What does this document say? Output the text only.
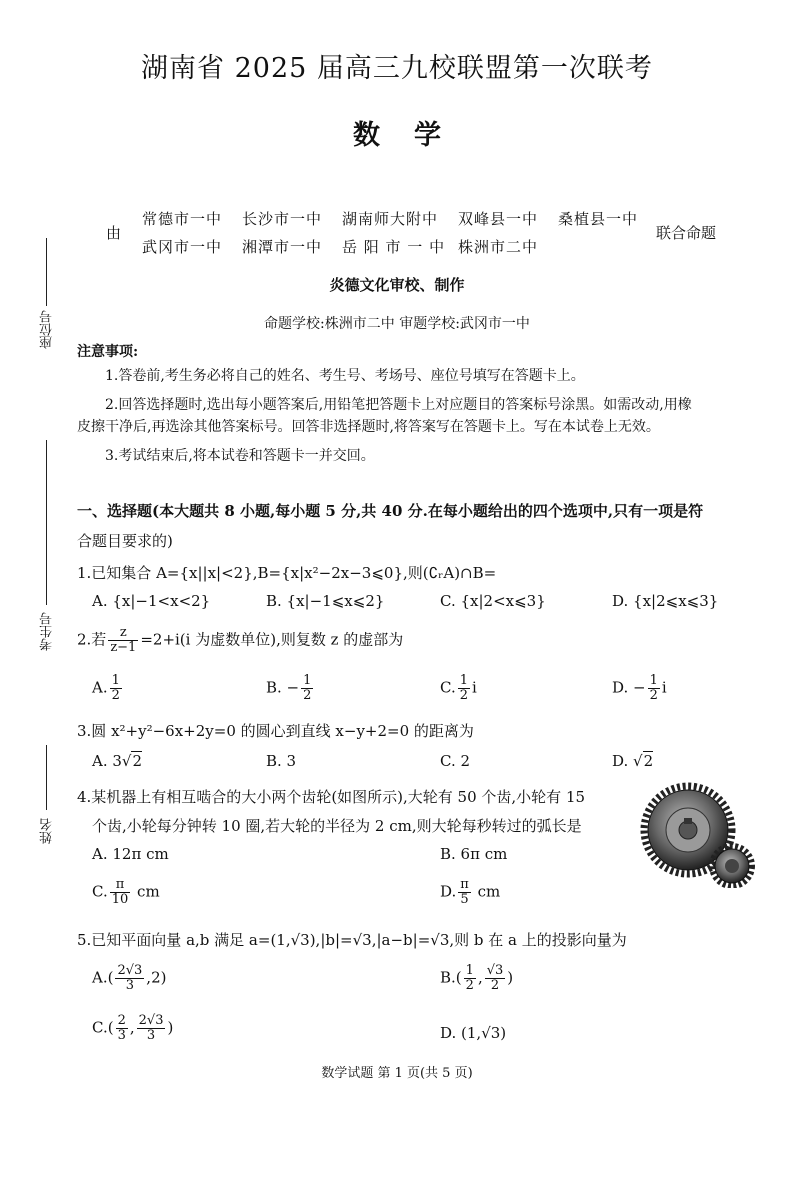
湖南省 2025 届高三九校联盟第一次联考
数学
由
常德市一中 长沙市一中 湖南师大附中 双峰县一中 桑植县一中
武冈市一中 湘潭市一中 岳 阳 市 一 中 株洲市二中
联合命题
炎德文化审校、制作
命题学校:株洲市二中 审题学校:武冈市一中
座位号
考生号
姓名
注意事项:
1.答卷前,考生务必将自己的姓名、考生号、考场号、座位号填写在答题卡上。
2.回答选择题时,选出每小题答案后,用铅笔把答题卡上对应题目的答案标号涂黑。如需改动,用橡
皮擦干净后,再选涂其他答案标号。回答非选择题时,将答案写在答题卡上。写在本试卷上无效。
3.考试结束后,将本试卷和答题卡一并交回。
一、选择题(本大题共 8 小题,每小题 5 分,共 40 分.在每小题给出的四个选项中,只有一项是符
合题目要求的)
1.已知集合 A={x||x|<2},B={x|x²−2x−3⩽0},则(∁ᵣA)∩B=
A. {x|−1<x<2}	B. {x|−1⩽x⩽2}	C. {x|2<x⩽3}	D. {x|2⩽x⩽3}
2.若 $\frac{z}{z-1} =2+i(i$ 为虚数单位),则复数 z 的虚部为
A. $\frac{1}{2}$	B. − $\frac{1}{2}$	C. $\frac{1}{2}$ i	D. − $\frac{1}{2}$ i
3.圆 x²+y²−6x+2y=0 的圆心到直线 x−y+2=0 的距离为
A. 3√2	B. 3	C. 2	D. √2
4.某机器上有相互啮合的大小两个齿轮(如图所示),大轮有 50 个齿,小轮有 15
个齿,小轮每分钟转 10 圈,若大轮的半径为 2 cm,则大轮每秒转过的弧长是
A. 12π cm	B. 6π cm
C. $\frac{\pi}{10}$ cm	D. $\frac{\pi}{5}$ cm
5.已知平面向量 a,b 满足 a=(1,√3),|b|=√3,|a−b|=√3,则 b 在 a 上的投影向量为
$A.( \frac{2√3}{3} ,2)$	$B.( \frac{1}{2}$ , $\frac{√3}{2}$ )
$C.( \frac{2}{3}$ , $\frac{2√3}{3}$ )	D. (1,√3)
数学试题 第 1 页(共 5 页)
